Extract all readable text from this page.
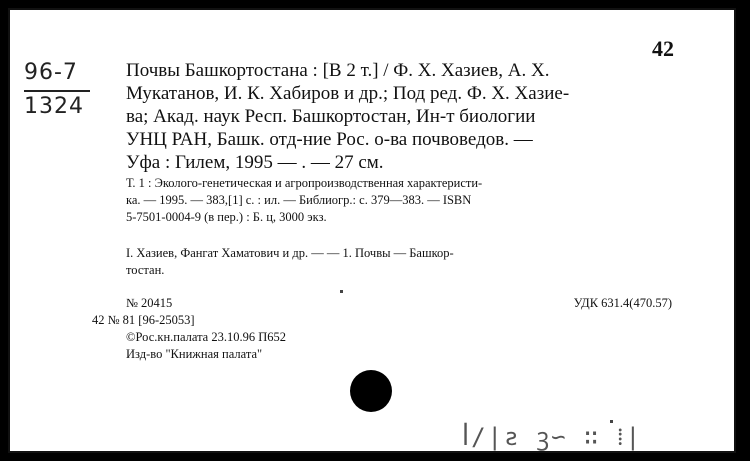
42
96-7
1324
Почвы Башкортостана : [В 2 т.] / Ф. Х. Хазиев, А. Х.
Мукатанов, И. К. Хабиров и др.; Под ред. Ф. Х. Хазие-
ва; Акад. наук Респ. Башкортостан, Ин-т биологии
УНЦ РАН, Башк. отд-ние Рос. о-ва почвоведов. —
Уфа : Гилем, 1995 — . — 27 см.
Т. 1 : Эколого-генетическая и агропроизводственная характеристи-
ка. — 1995. — 383,[1] с. : ил. — Библиогр.: с. 379—383. — ISBN
5-7501-0004-9 (в пер.) : Б. ц, 3000 экз.
I. Хазиев, Фангат Хаматович и др. — — 1. Почвы — Башкор-
тостан.
№ 20415	УДК 631.4(470.57)
42 № 81 [96-25053]
©Рос.кн.палата 23.10.96 П652
Изд-во "Книжная палата"
ꟾ/|ƨ ꝫ∽ ∷ ⁞|
